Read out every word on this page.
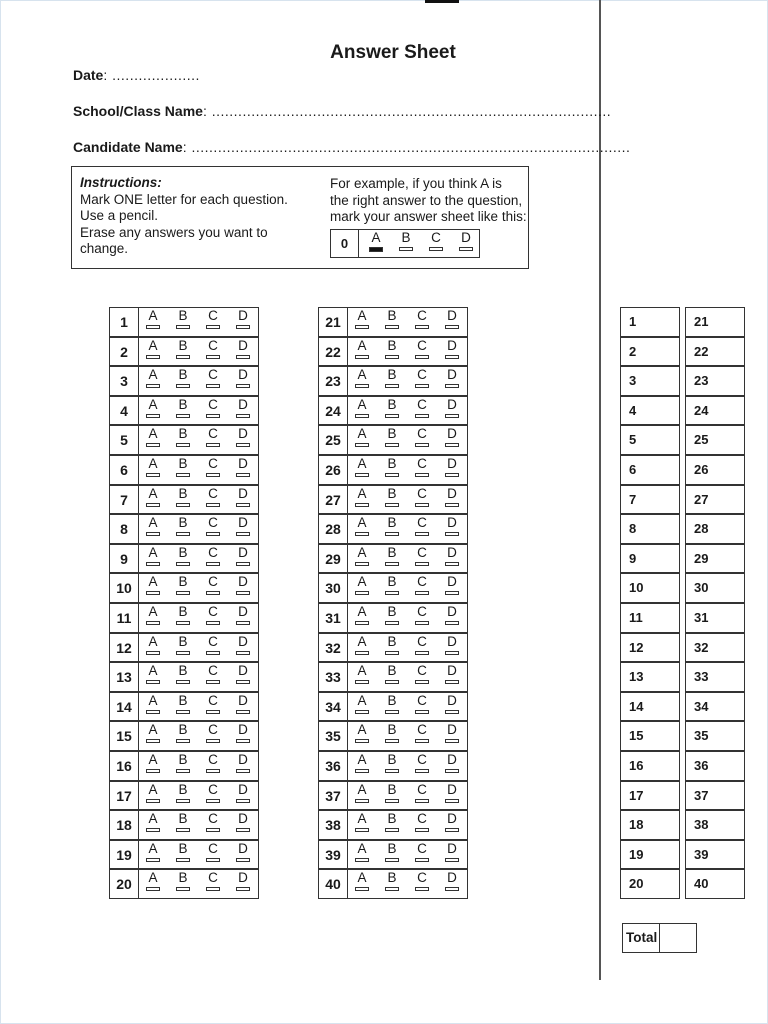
Answer Sheet
Date: ....................
School/Class Name: ...........................................................................................
Candidate Name: ....................................................................................................
Instructions:
Mark ONE letter for each question.
Use a pencil.
Erase any answers you want to
change.
For example, if you think A is
the right answer to the question,
mark your answer sheet like this:
0	A	B	C	D
1	A	B	C	D
2	A	B	C	D
3	A	B	C	D
4	A	B	C	D
5	A	B	C	D
6	A	B	C	D
7	A	B	C	D
8	A	B	C	D
9	A	B	C	D
10	A	B	C	D
11	A	B	C	D
12	A	B	C	D
13	A	B	C	D
14	A	B	C	D
15	A	B	C	D
16	A	B	C	D
17	A	B	C	D
18	A	B	C	D
19	A	B	C	D
20	A	B	C	D
21	A	B	C	D
22	A	B	C	D
23	A	B	C	D
24	A	B	C	D
25	A	B	C	D
26	A	B	C	D
27	A	B	C	D
28	A	B	C	D
29	A	B	C	D
30	A	B	C	D
31	A	B	C	D
32	A	B	C	D
33	A	B	C	D
34	A	B	C	D
35	A	B	C	D
36	A	B	C	D
37	A	B	C	D
38	A	B	C	D
39	A	B	C	D
40	A	B	C	D
1	21
2	22
3	23
4	24
5	25
6	26
7	27
8	28
9	29
10	30
11	31
12	32
13	33
14	34
15	35
16	36
17	37
18	38
19	39
20	40
Total
